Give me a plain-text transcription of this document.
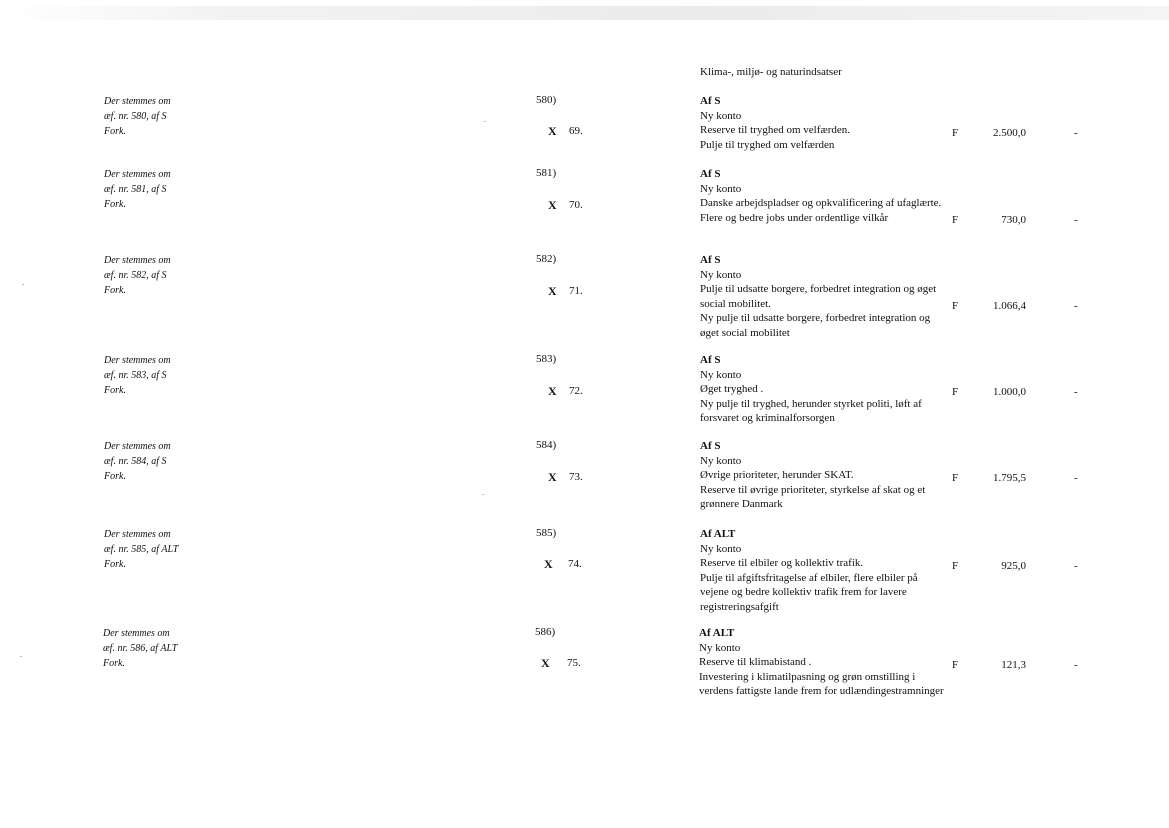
Klima-, miljø- og naturindsatser
Der stemmes om
æf. nr. 580, af S
Fork.
580)
X 69.
Af S
Ny konto
Reserve til tryghed om velfærden.
Pulje til tryghed om velfærden
F	2.500,0	-
Der stemmes om
æf. nr. 581, af S
Fork.
581)
X 70.
Af S
Ny konto
Danske arbejdspladser og opkvalificering af ufaglærte.
Flere og bedre jobs under ordentlige vilkår	F	730,0	-
Der stemmes om
æf. nr. 582, af S
Fork.
582)
X 71.
Af S
Ny konto
Pulje til udsatte borgere, forbedret integration og øget social mobilitet.
Ny pulje til udsatte borgere, forbedret integration og øget social mobilitet
F	1.066,4	-
Der stemmes om
æf. nr. 583, af S
Fork.
583)
X 72.
Af S
Ny konto
Øget tryghed .
Ny pulje til tryghed, herunder styrket politi, løft af forsvaret og kriminalforsorgen
F	1.000,0	-
Der stemmes om
æf. nr. 584, af S
Fork.
584)
X 73.
Af S
Ny konto
Øvrige prioriteter, herunder SKAT.
Reserve til øvrige prioriteter, styrkelse af skat og et grønnere Danmark
F	1.795,5	-
Der stemmes om
æf. nr. 585, af ALT
Fork.
585)
X 74.
Af ALT
Ny konto
Reserve til elbiler og kollektiv trafik.
Pulje til afgiftsfritagelse af elbiler, flere elbiler på vejene og bedre kollektiv trafik frem for lavere registreringsafgift
F	925,0	-
Der stemmes om
æf. nr. 586, af ALT
Fork.
586)
X 75.
Af ALT
Ny konto
Reserve til klimabistand .
Investering i klimatilpasning og grøn omstilling i verdens fattigste lande frem for udlændingestramninger
F	121,3	-
